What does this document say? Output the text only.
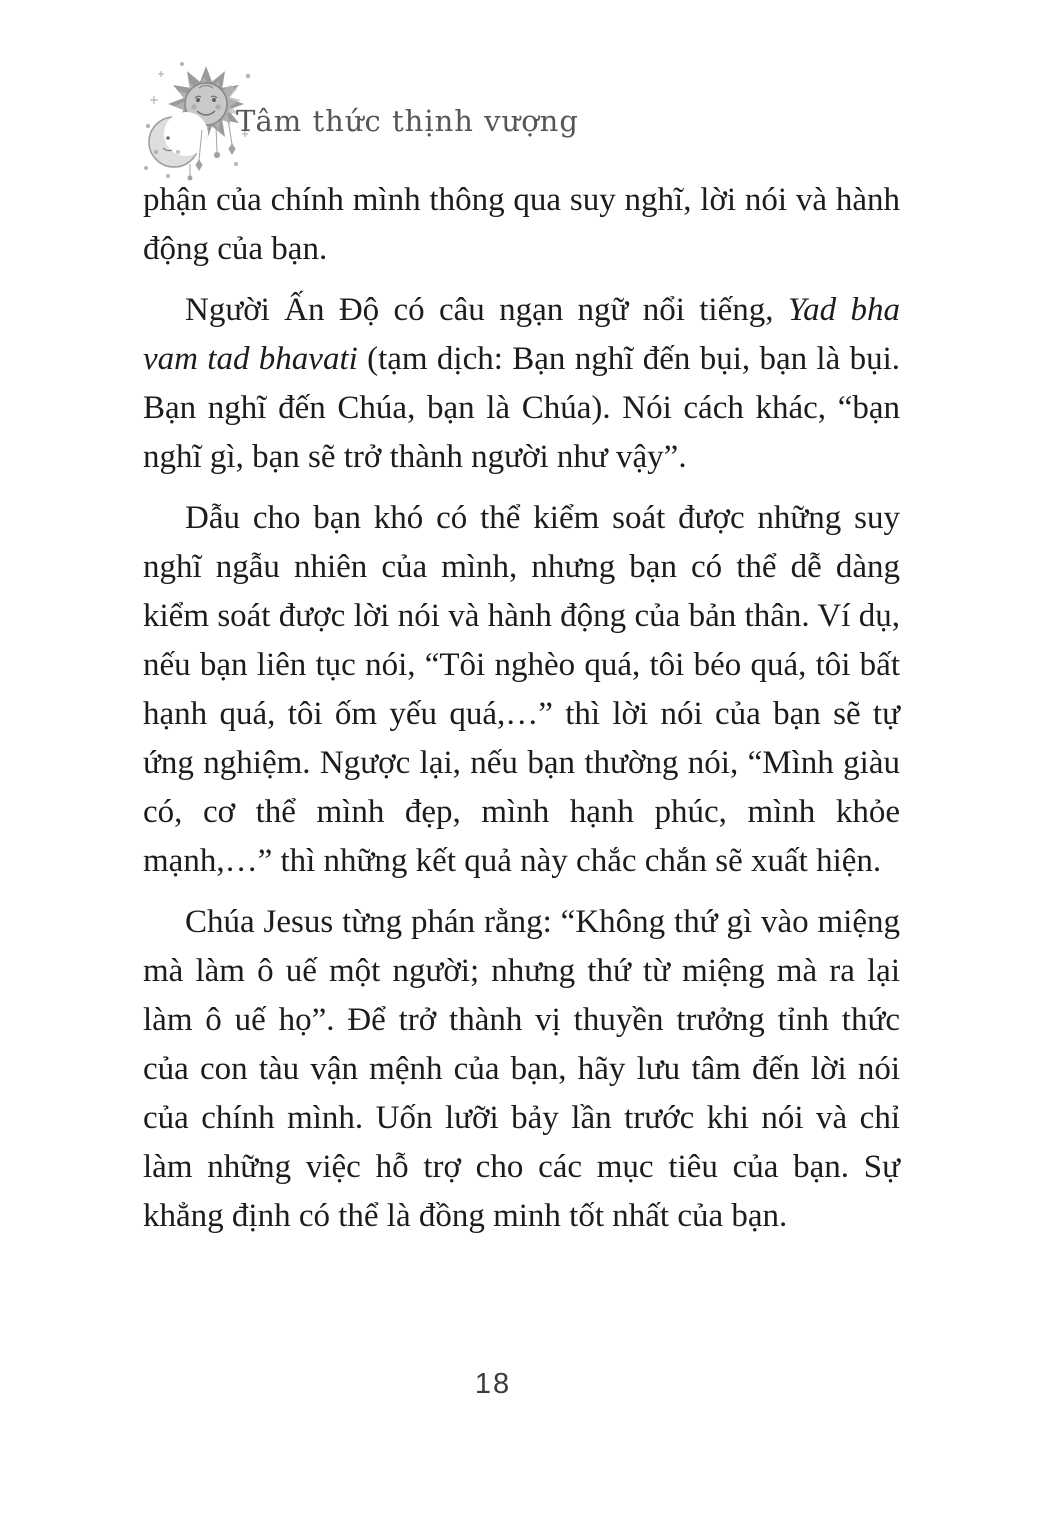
Tâm thức thịnh vượng

phận của chính mình thông qua suy nghĩ, lời nói và hành động của bạn.

Người Ấn Độ có câu ngạn ngữ nổi tiếng, Yad bha vam tad bhavati (tạm dịch: Bạn nghĩ đến bụi, bạn là bụi. Bạn nghĩ đến Chúa, bạn là Chúa). Nói cách khác, “bạn nghĩ gì, bạn sẽ trở thành người như vậy”.

Dẫu cho bạn khó có thể kiểm soát được những suy nghĩ ngẫu nhiên của mình, nhưng bạn có thể dễ dàng kiểm soát được lời nói và hành động của bản thân. Ví dụ, nếu bạn liên tục nói, “Tôi nghèo quá, tôi béo quá, tôi bất hạnh quá, tôi ốm yếu quá,…” thì lời nói của bạn sẽ tự ứng nghiệm. Ngược lại, nếu bạn thường nói, “Mình giàu có, cơ thể mình đẹp, mình hạnh phúc, mình khỏe mạnh,…” thì những kết quả này chắc chắn sẽ xuất hiện.

Chúa Jesus từng phán rằng: “Không thứ gì vào miệng mà làm ô uế một người; nhưng thứ từ miệng mà ra lại làm ô uế họ”. Để trở thành vị thuyền trưởng tỉnh thức của con tàu vận mệnh của bạn, hãy lưu tâm đến lời nói của chính mình. Uốn lưỡi bảy lần trước khi nói và chỉ làm những việc hỗ trợ cho các mục tiêu của bạn. Sự khẳng định có thể là đồng minh tốt nhất của bạn.

18
